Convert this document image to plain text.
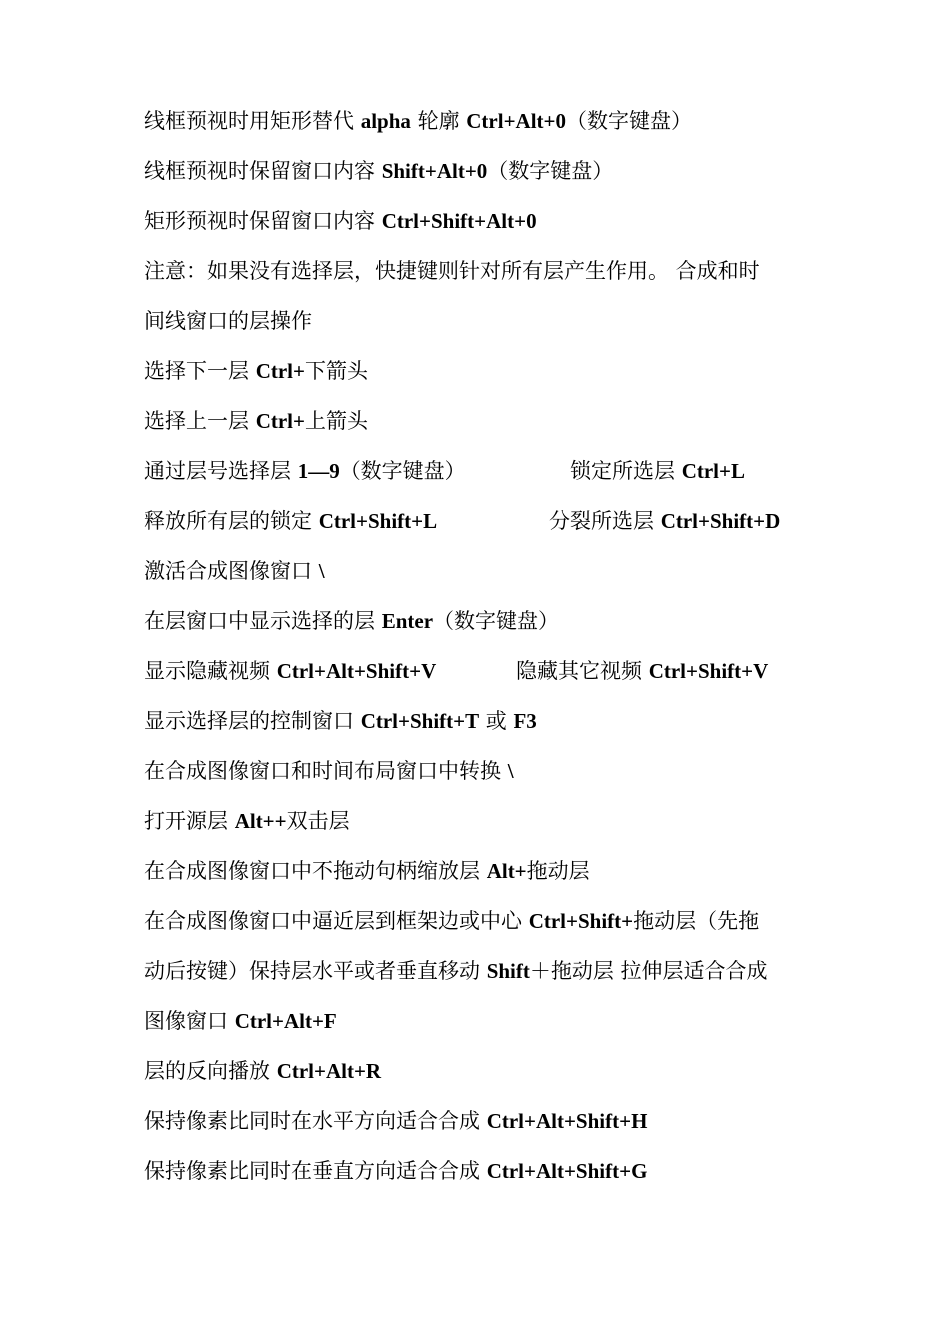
线框预视时用矩形替代 alpha 轮廓 Ctrl+Alt+0（数字键盘）
线框预视时保留窗口内容 Shift+Alt+0（数字键盘）
矩形预视时保留窗口内容 Ctrl+Shift+Alt+0
注意：如果没有选择层，快捷键则针对所有层产生作用。 合成和时
间线窗口的层操作
选择下一层 Ctrl+下箭头
选择上一层 Ctrl+上箭头
通过层号选择层 1—9（数字键盘）	锁定所选层 Ctrl+L
释放所有层的锁定 Ctrl+Shift+L	分裂所选层 Ctrl+Shift+D
激活合成图像窗口 \
在层窗口中显示选择的层 Enter（数字键盘）
显示隐藏视频 Ctrl+Alt+Shift+V	隐藏其它视频 Ctrl+Shift+V
显示选择层的控制窗口 Ctrl+Shift+T 或 F3
在合成图像窗口和时间布局窗口中转换 \
打开源层 Alt++双击层
在合成图像窗口中不拖动句柄缩放层 Alt+拖动层
在合成图像窗口中逼近层到框架边或中心 Ctrl+Shift+拖动层（先拖
动后按键）保持层水平或者垂直移动 Shift＋拖动层 拉伸层适合合成
图像窗口 Ctrl+Alt+F
层的反向播放 Ctrl+Alt+R
保持像素比同时在水平方向适合合成 Ctrl+Alt+Shift+H
保持像素比同时在垂直方向适合合成 Ctrl+Alt+Shift+G
